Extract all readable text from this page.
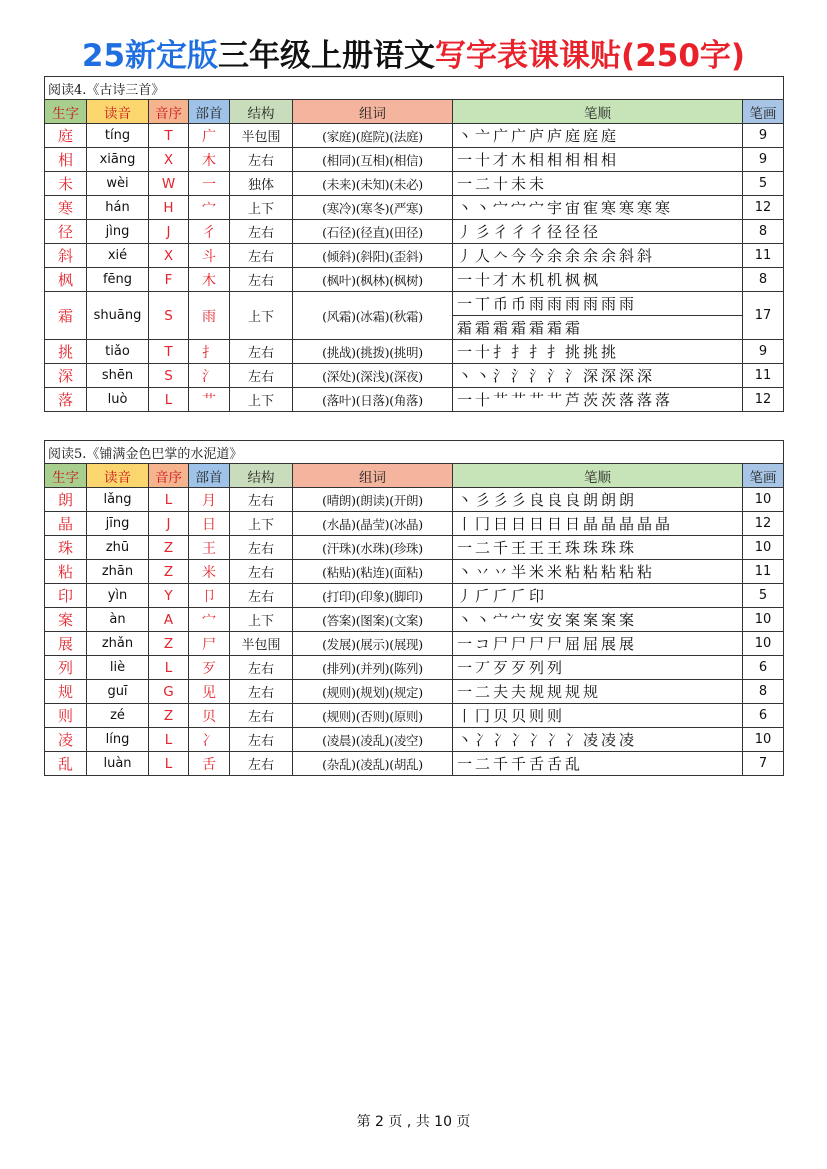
25新定版三年级上册语文写字表课课贴(250字)
阅读4.《古诗三首》							
生字	读音	音序	部首	结构	组词	笔顺	笔画
庭	tíng	T	广	半包围	(家庭)(庭院)(法庭)	丶亠广广庐庐庭庭庭	9
相	xiāng	X	木	左右	(相同)(互相)(相信)	一十才木相相相相相	9
未	wèi	W	一	独体	(未来)(未知)(未必)	一二十未未	5
寒	hán	H	宀	上下	(寒冷)(寒冬)(严寒)	丶丶宀宀宀宇宙寉寒寒寒寒	12
径	jìng	J	彳	左右	(石径)(径直)(田径)	丿彡彳彳彳径径径	8
斜	xié	X	斗	左右	(倾斜)(斜阳)(歪斜)	丿人𠆢今今余余余余斜斜	11
枫	fēng	F	木	左右	(枫叶)(枫林)(枫树)	一十才木机机枫枫	8
霜	shuāng	S	雨	上下	(风霜)(冰霜)(秋霜)	一丅币币雨雨雨雨雨雨	17
						霜霜霜霜霜霜霜	
挑	tiǎo	T	扌	左右	(挑战)(挑拨)(挑明)	一十扌扌扌扌挑挑挑	9
深	shēn	S	氵	左右	(深处)(深浅)(深夜)	丶丶氵氵氵氵氵深深深深	11
落	luò	L	艹	上下	(落叶)(日落)(角落)	一十艹艹艹艹芦茨茨落落落	12
阅读5.《铺满金色巴掌的水泥道》							
生字	读音	音序	部首	结构	组词	笔顺	笔画
朗	lǎng	L	月	左右	(晴朗)(朗读)(开朗)	丶彡彡彡良良良朗朗朗	10
晶	jīng	J	日	上下	(水晶)(晶莹)(冰晶)	丨冂日日日日日晶晶晶晶晶	12
珠	zhū	Z	王	左右	(汗珠)(水珠)(珍珠)	一二千王王王珠珠珠珠	10
粘	zhān	Z	米	左右	(粘贴)(粘连)(面粘)	丶丷丷半米米粘粘粘粘粘	11
印	yìn	Y	卩	左右	(打印)(印象)(脚印)	丿𠂆𠂆𠂆印	5
案	àn	A	宀	上下	(答案)(图案)(文案)	丶丶宀宀安安案案案案	10
展	zhǎn	Z	尸	半包围	(发展)(展示)(展现)	一コ尸尸尸尸屈屈展展	10
列	liè	L	歹	左右	(排列)(并列)(陈列)	一丆歹歹列列	6
规	guī	G	见	左右	(规则)(规划)(规定)	一二夫夫规规规规	8
则	zé	Z	贝	左右	(规则)(否则)(原则)	丨冂贝贝则则	6
凌	líng	L	冫	左右	(凌晨)(凌乱)(凌空)	丶冫冫冫冫冫冫凌凌凌	10
乱	luàn	L	舌	左右	(杂乱)(凌乱)(胡乱)	一二千千舌舌乱	7
第 2 页 , 共 10 页
